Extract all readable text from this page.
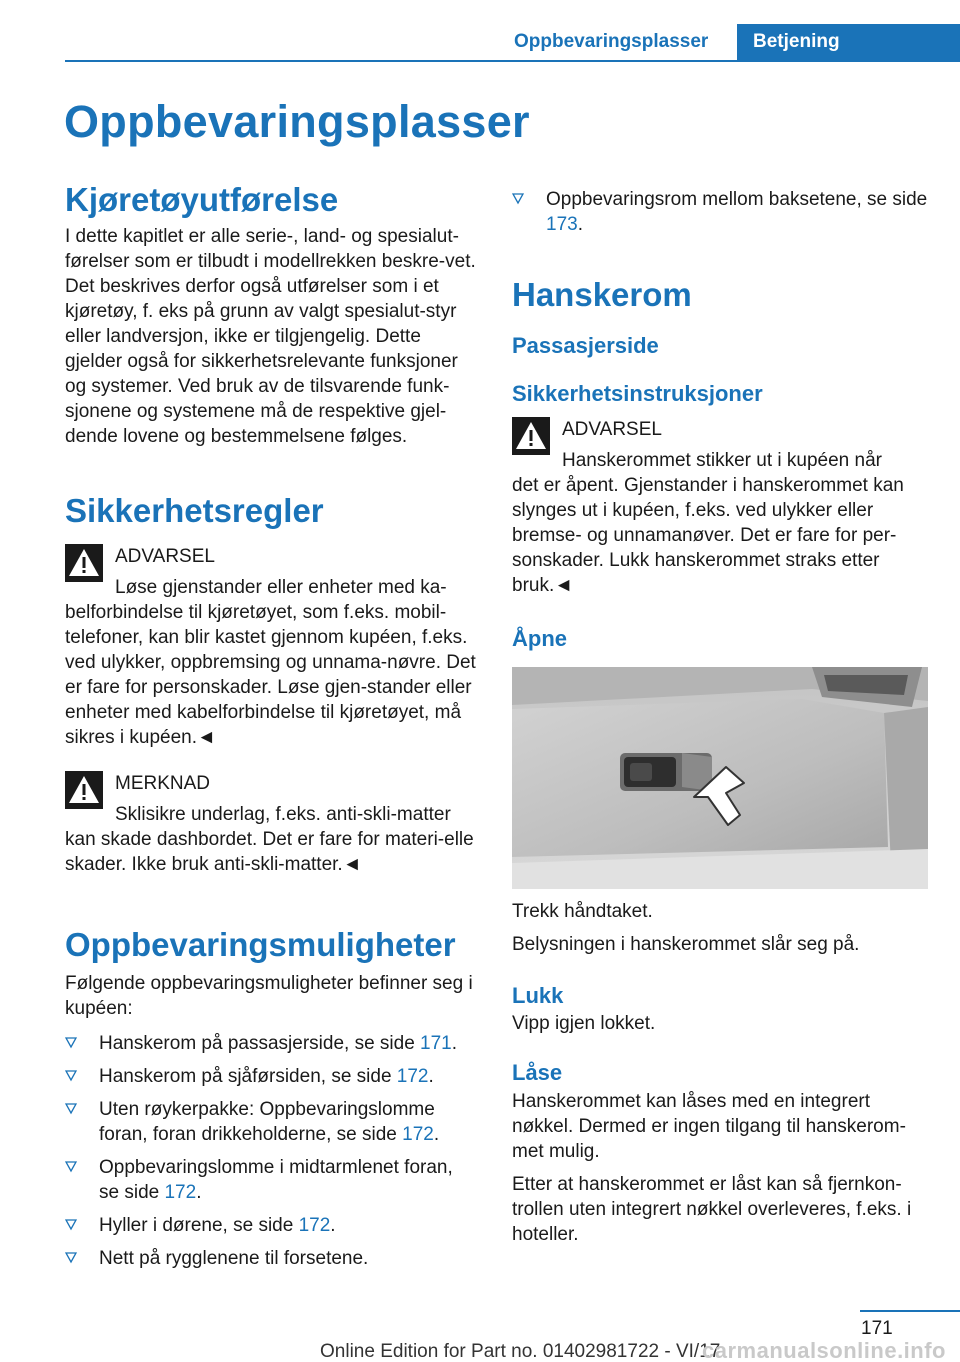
Oppbevaringsplasser	Betjening
Oppbevaringsplasser
Kjøretøyutførelse

I dette kapitlet er alle serie-, land- og spesialut-førelser som er tilbudt i modellrekken beskre-vet. Det beskrives derfor også utførelser som i et kjøretøy, f. eks på grunn av valgt spesialut-styr eller landversjon, ikke er tilgjengelig. Dette gjelder også for sikkerhetsrelevante funksjoner og systemer. Ved bruk av de tilsvarende funk-sjonene og systemene må de respektive gjel-dende lovene og bestemmelsene følges.

Sikkerhetsregler
ADVARSEL
Løse gjenstander eller enheter med ka-
belforbindelse til kjøretøyet, som f.eks. mobil-telefoner, kan blir kastet gjennom kupéen, f.eks. ved ulykker, oppbremsing og unnama-nøvre. Det er fare for personskader. Løse gjen-stander eller enheter med kabelforbindelse til kjøretøyet, må sikres i kupéen.◄
MERKNAD
Sklisikre underlag, f.eks. anti-skli-matter
kan skade dashbordet. Det er fare for materi-elle skader. Ikke bruk anti-skli-matter.◄
Oppbevaringsmuligheter

Følgende oppbevaringsmuligheter befinner seg i kupéen:

Hanskerom på passasjerside, se side 171.
Hanskerom på sjåførsiden, se side 172.
Uten røykerpakke: Oppbevaringslomme foran, foran drikkeholderne, se side 172.
Oppbevaringslomme i midtarmlenet foran, se side 172.
Hyller i dørene, se side 172.
Nett på rygglenene til forsetene.
Oppbevaringsrom mellom baksetene, se side 173.
Hanskerom
Passasjerside
Sikkerhetsinstruksjoner
ADVARSEL
Hanskerommet stikker ut i kupéen når
det er åpent. Gjenstander i hanskerommet kan slynges ut i kupéen, f.eks. ved ulykker eller bremse- og unnamanøver. Det er fare for per-sonskader. Lukk hanskerommet straks etter bruk.◄
Åpne

Trekk håndtaket.

Belysningen i hanskerommet slår seg på.

Lukk

Vipp igjen lokket.

Låse

Hanskerommet kan låses med en integrert nøkkel. Dermed er ingen tilgang til hanskerom-met mulig.

Etter at hanskerommet er låst kan så fjernkon-trollen uten integrert nøkkel overleveres, f.eks. i hoteller.

171
Online Edition for Part no. 01402981722 - VI/17
carmanualsonline.info
